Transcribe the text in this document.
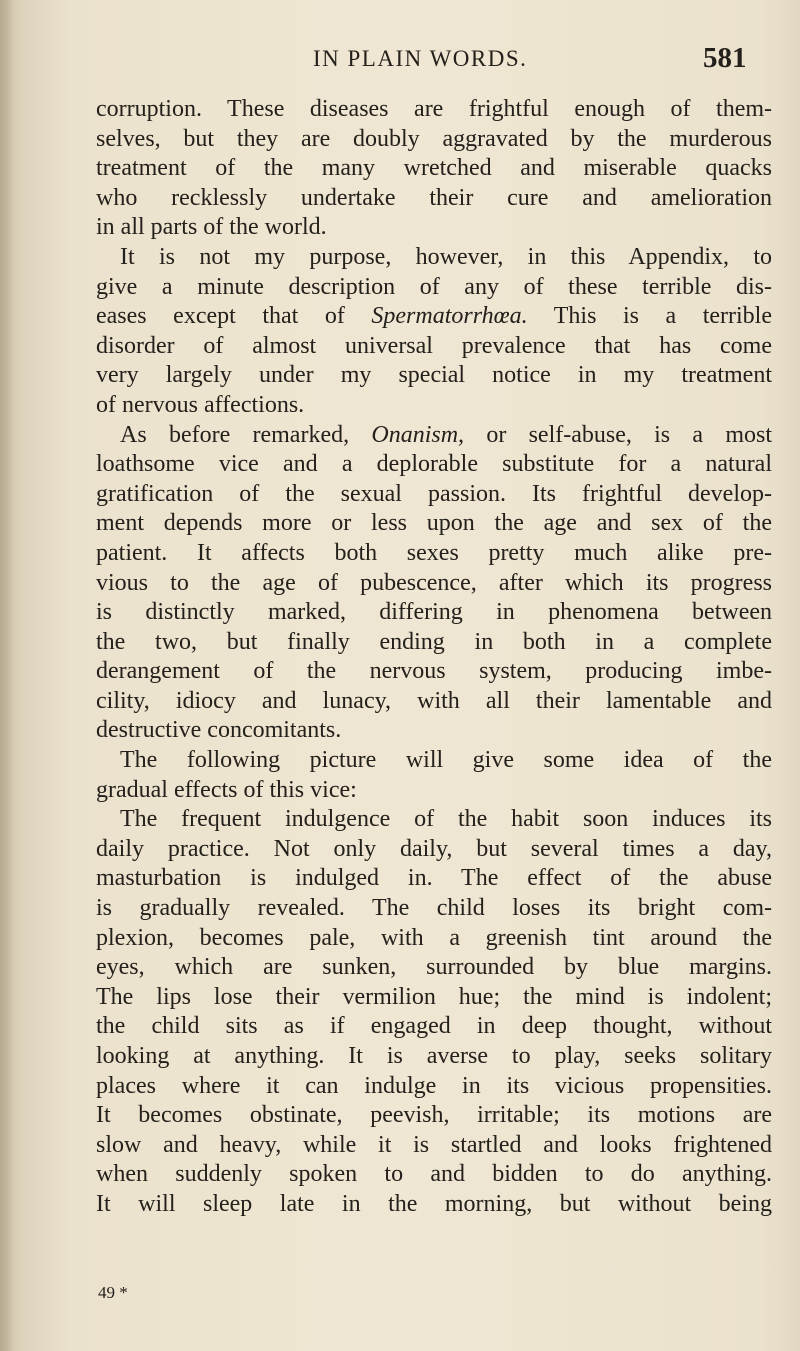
IN PLAIN WORDS.	581
corruption. These diseases are frightful enough of them-
selves, but they are doubly aggravated by the murderous
treatment of the many wretched and miserable quacks
who recklessly undertake their cure and amelioration
in all parts of the world.
It is not my purpose, however, in this Appendix, to
give a minute description of any of these terrible dis-
eases except that of Spermatorrhœa. This is a terrible
disorder of almost universal prevalence that has come
very largely under my special notice in my treatment
of nervous affections.
As before remarked, Onanism, or self-abuse, is a most
loathsome vice and a deplorable substitute for a natural
gratification of the sexual passion. Its frightful develop-
ment depends more or less upon the age and sex of the
patient. It affects both sexes pretty much alike pre-
vious to the age of pubescence, after which its progress
is distinctly marked, differing in phenomena between
the two, but finally ending in both in a complete
derangement of the nervous system, producing imbe-
cility, idiocy and lunacy, with all their lamentable and
destructive concomitants.
The following picture will give some idea of the
gradual effects of this vice:
The frequent indulgence of the habit soon induces its
daily practice. Not only daily, but several times a day,
masturbation is indulged in. The effect of the abuse
is gradually revealed. The child loses its bright com-
plexion, becomes pale, with a greenish tint around the
eyes, which are sunken, surrounded by blue margins.
The lips lose their vermilion hue; the mind is indolent;
the child sits as if engaged in deep thought, without
looking at anything. It is averse to play, seeks solitary
places where it can indulge in its vicious propensities.
It becomes obstinate, peevish, irritable; its motions are
slow and heavy, while it is startled and looks frightened
when suddenly spoken to and bidden to do anything.
It will sleep late in the morning, but without being
49 *
